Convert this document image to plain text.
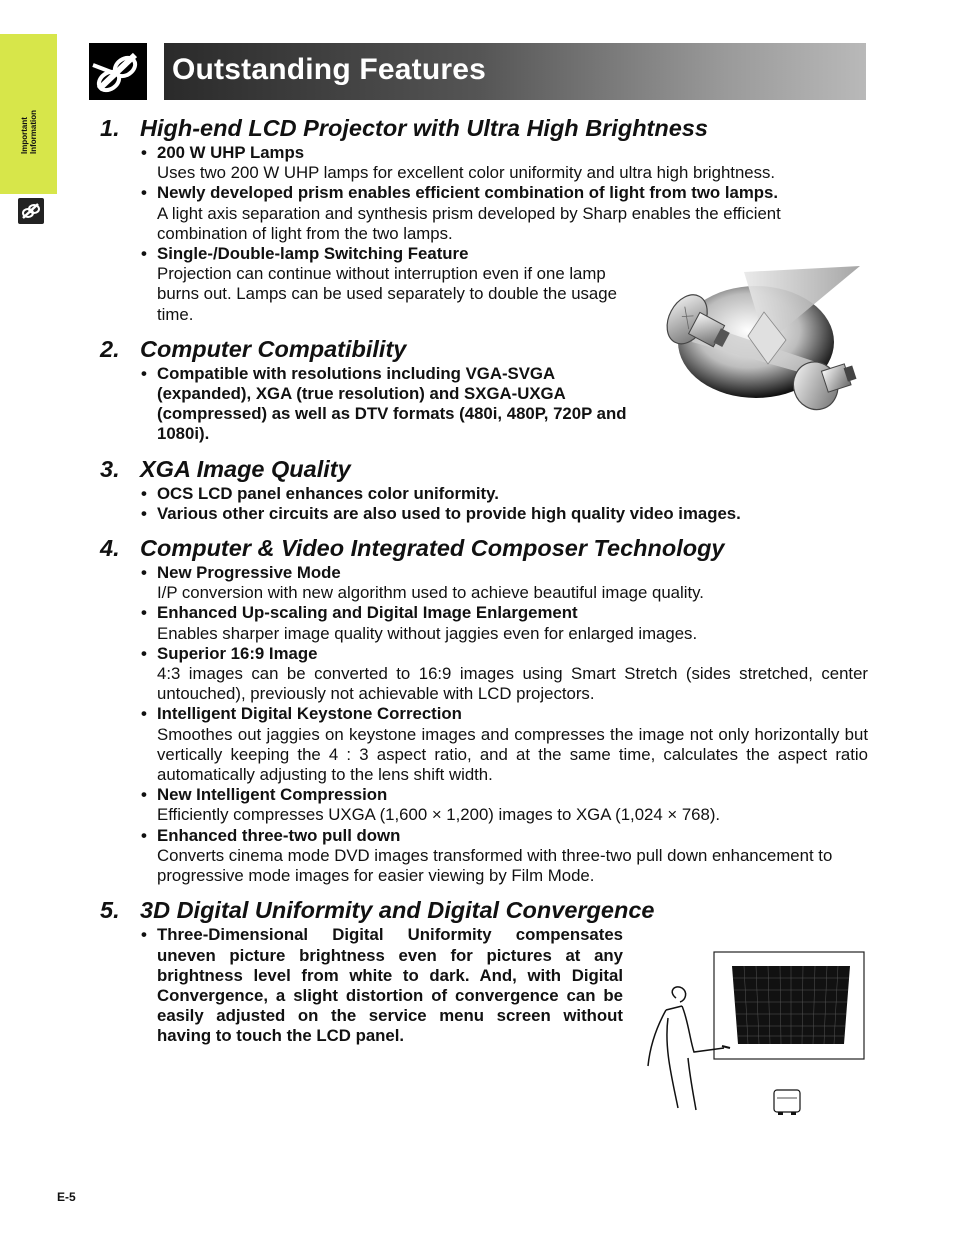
Important Information
Outstanding Features
1. High-end LCD Projector with Ultra High Brightness
• 200 W UHP Lamps
Uses two 200 W UHP lamps for excellent color uniformity and ultra high brightness.
• Newly developed prism enables efficient combination of light from two lamps.
A light axis separation and synthesis prism developed by Sharp enables the efficient combination of light from the two lamps.
• Single-/Double-lamp Switching Feature
Projection can continue without interruption even if one lamp burns out. Lamps can be used separately to double the usage time.
2. Computer Compatibility
• Compatible with resolutions including VGA-SVGA (expanded), XGA (true resolution) and SXGA-UXGA (compressed) as well as DTV formats (480i, 480P, 720P and 1080i).
3. XGA Image Quality
• OCS LCD panel enhances color uniformity.
• Various other circuits are also used to provide high quality video images.
4. Computer & Video Integrated Composer Technology
• New Progressive Mode
I/P conversion with new algorithm used to achieve beautiful image quality.
• Enhanced Up-scaling and Digital Image Enlargement
Enables sharper image quality without jaggies even for enlarged images.
• Superior 16:9 Image
4:3 images can be converted to 16:9 images using Smart Stretch (sides stretched, center untouched), previously not achievable with LCD projectors.
• Intelligent Digital Keystone Correction
Smoothes out jaggies on keystone images and compresses the image not only horizontally but vertically keeping the 4 : 3 aspect ratio, and at the same time, calculates the aspect ratio automatically adjusting to the lens shift width.
• New Intelligent Compression
Efficiently compresses UXGA (1,600 × 1,200) images to XGA (1,024 × 768).
• Enhanced three-two pull down
Converts cinema mode DVD images transformed with three-two pull down enhancement to progressive mode images for easier viewing by Film Mode.
5. 3D Digital Uniformity and Digital Convergence
• Three-Dimensional Digital Uniformity compensates uneven picture brightness even for pictures at any brightness level from white to dark. And, with Digital Convergence, a slight distortion of convergence can be easily adjusted on the service menu screen without having to touch the LCD panel.
E-5
